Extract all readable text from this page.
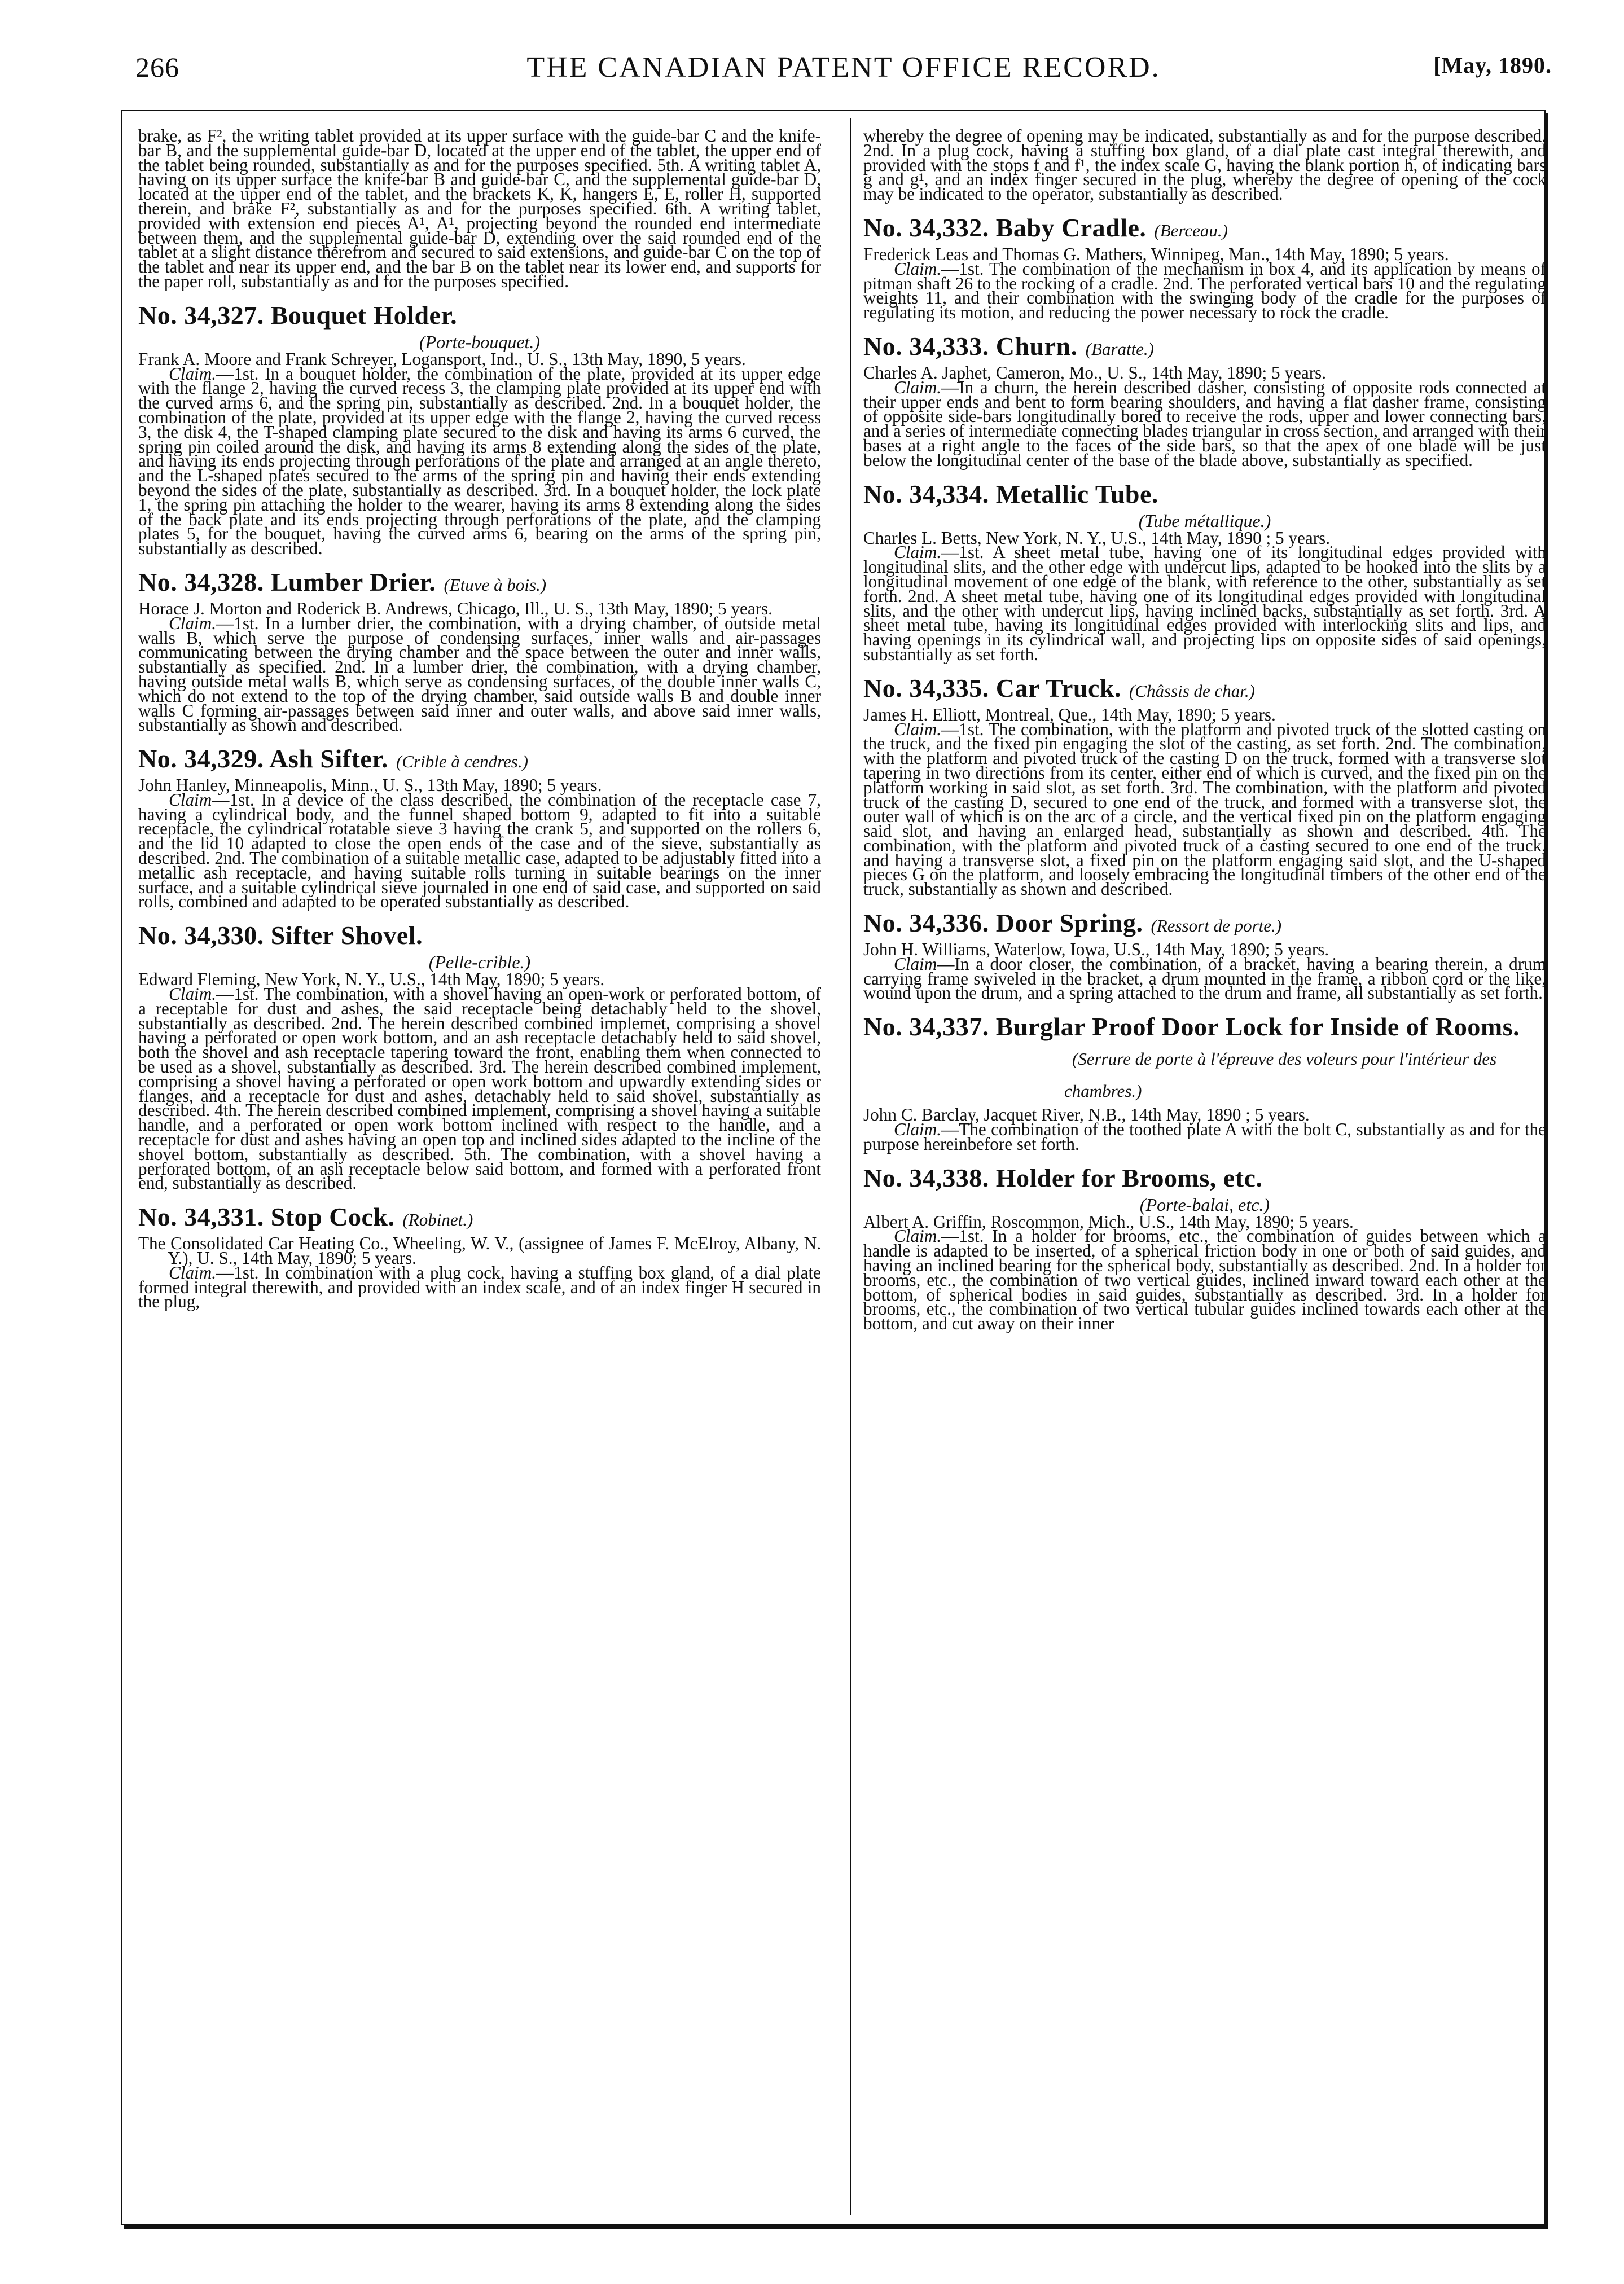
266	THE CANADIAN PATENT OFFICE RECORD.	[May, 1890.

brake, as F², the writing tablet provided at its upper surface with the guide-bar C and the knife-bar B, and the supplemental guide-bar D, located at the upper end of the tablet, the upper end of the tablet being rounded, substantially as and for the purposes specified. 5th. A writing tablet A, having on its upper surface the knife-bar B and guide-bar C, and the supplemental guide-bar D, located at the upper end of the tablet, and the brackets K, K, hangers E, E, roller H, supported therein, and brake F², substantially as and for the purposes specified. 6th. A writing tablet, provided with extension end pieces A¹, A¹, projecting beyond the rounded end intermediate between them, and the supplemental guide-bar D, extending over the said rounded end of the tablet at a slight distance therefrom and secured to said extensions, and guide-bar C on the top of the tablet and near its upper end, and the bar B on the tablet near its lower end, and supports for the paper roll, substantially as and for the purposes specified.

No. 34,327. Bouquet Holder.

(Porte-bouquet.)

Frank A. Moore and Frank Schreyer, Logansport, Ind., U. S., 13th May, 1890, 5 years.

Claim.—1st. In a bouquet holder, the combination of the plate, provided at its upper edge with the flange 2, having the curved recess 3, the clamping plate provided at its upper end with the curved arms 6, and the spring pin, substantially as described. 2nd. In a bouquet holder, the combination of the plate, provided at its upper edge with the flange 2, having the curved recess 3, the disk 4, the T-shaped clamping plate secured to the disk and having its arms 6 curved, the spring pin coiled around the disk, and having its arms 8 extending along the sides of the plate, and having its ends projecting through perforations of the plate and arranged at an angle thereto, and the L-shaped plates secured to the arms of the spring pin and having their ends extending beyond the sides of the plate, substantially as described. 3rd. In a bouquet holder, the lock plate 1, the spring pin attaching the holder to the wearer, having its arms 8 extending along the sides of the back plate and its ends projecting through perforations of the plate, and the clamping plates 5, for the bouquet, having the curved arms 6, bearing on the arms of the spring pin, substantially as described.

No. 34,328. Lumber Drier. (Etuve à bois.)

Horace J. Morton and Roderick B. Andrews, Chicago, Ill., U. S., 13th May, 1890; 5 years.

Claim.—1st. In a lumber drier, the combination, with a drying chamber, of outside metal walls B, which serve the purpose of condensing surfaces, inner walls and air-passages communicating between the drying chamber and the space between the outer and inner walls, substantially as specified. 2nd. In a lumber drier, the combination, with a drying chamber, having outside metal walls B, which serve as condensing surfaces, of the double inner walls C, which do not extend to the top of the drying chamber, said outside walls B and double inner walls C forming air-passages between said inner and outer walls, and above said inner walls, substantially as shown and described.

No. 34,329. Ash Sifter. (Crible à cendres.)

John Hanley, Minneapolis, Minn., U. S., 13th May, 1890; 5 years.

Claim—1st. In a device of the class described, the combination of the receptacle case 7, having a cylindrical body, and the funnel shaped bottom 9, adapted to fit into a suitable receptacle, the cylindrical rotatable sieve 3 having the crank 5, and supported on the rollers 6, and the lid 10 adapted to close the open ends of the case and of the sieve, substantially as described. 2nd. The combination of a suitable metallic case, adapted to be adjustably fitted into a metallic ash receptacle, and having suitable rolls turning in suitable bearings on the inner surface, and a suitable cylindrical sieve journaled in one end of said case, and supported on said rolls, combined and adapted to be operated substantially as described.

No. 34,330. Sifter Shovel.

(Pelle-crible.)

Edward Fleming, New York, N. Y., U.S., 14th May, 1890; 5 years.

Claim.—1st. The combination, with a shovel having an open-work or perforated bottom, of a receptable for dust and ashes, the said receptacle being detachably held to the shovel, substantially as described. 2nd. The herein described combined implemet, comprising a shovel having a perforated or open work bottom, and an ash receptacle detachably held to said shovel, both the shovel and ash receptacle tapering toward the front, enabling them when connected to be used as a shovel, substantially as described. 3rd. The herein described combined implement, comprising a shovel having a perforated or open work bottom and upwardly extending sides or flanges, and a receptacle for dust and ashes, detachably held to said shovel, substantially as described. 4th. The herein described combined implement, comprising a shovel having a suitable handle, and a perforated or open work bottom inclined with respect to the handle, and a receptacle for dust and ashes having an open top and inclined sides adapted to the incline of the shovel bottom, substantially as described. 5th. The combination, with a shovel having a perforated bottom, of an ash receptacle below said bottom, and formed with a perforated front end, substantially as described.

No. 34,331. Stop Cock. (Robinet.)

The Consolidated Car Heating Co., Wheeling, W. V., (assignee of James F. McElroy, Albany, N. Y.), U. S., 14th May, 1890; 5 years.

Claim.—1st. In combination with a plug cock, having a stuffing box gland, of a dial plate formed integral therewith, and provided with an index scale, and of an index finger H secured in the plug,

whereby the degree of opening may be indicated, substantially as and for the purpose described. 2nd. In a plug cock, having a stuffing box gland, of a dial plate cast integral therewith, and provided with the stops f and f¹, the index scale G, having the blank portion h, of indicating bars g and g¹, and an index finger secured in the plug, whereby the degree of opening of the cock may be indicated to the operator, substantially as described.

No. 34,332. Baby Cradle. (Berceau.)

Frederick Leas and Thomas G. Mathers, Winnipeg, Man., 14th May, 1890; 5 years.

Claim.—1st. The combination of the mechanism in box 4, and its application by means of pitman shaft 26 to the rocking of a cradle. 2nd. The perforated vertical bars 10 and the regulating weights 11, and their combination with the swinging body of the cradle for the purposes of regulating its motion, and reducing the power necessary to rock the cradle.

No. 34,333. Churn. (Baratte.)

Charles A. Japhet, Cameron, Mo., U. S., 14th May, 1890; 5 years.

Claim.—In a churn, the herein described dasher, consisting of opposite rods connected at their upper ends and bent to form bearing shoulders, and having a flat dasher frame, consisting of opposite side-bars longitudinally bored to receive the rods, upper and lower connecting bars, and a series of intermediate connecting blades triangular in cross section, and arranged with their bases at a right angle to the faces of the side bars, so that the apex of one blade will be just below the longitudinal center of the base of the blade above, substantially as specified.

No. 34,334. Metallic Tube.

(Tube métallique.)

Charles L. Betts, New York, N. Y., U.S., 14th May, 1890 ; 5 years.

Claim.—1st. A sheet metal tube, having one of its longitudinal edges provided with longitudinal slits, and the other edge with undercut lips, adapted to be hooked into the slits by a longitudinal movement of one edge of the blank, with reference to the other, substantially as set forth. 2nd. A sheet metal tube, having one of its longitudinal edges provided with longitudinal slits, and the other with undercut lips, having inclined backs, substantially as set forth. 3rd. A sheet metal tube, having its longitudinal edges provided with interlocking slits and lips, and having openings in its cylindrical wall, and projecting lips on opposite sides of said openings, substantially as set forth.

No. 34,335. Car Truck. (Châssis de char.)

James H. Elliott, Montreal, Que., 14th May, 1890; 5 years.

Claim.—1st. The combination, with the platform and pivoted truck of the slotted casting on the truck, and the fixed pin engaging the slot of the casting, as set forth. 2nd. The combination, with the platform and pivoted truck of the casting D on the truck, formed with a transverse slot tapering in two directions from its center, either end of which is curved, and the fixed pin on the platform working in said slot, as set forth. 3rd. The combination, with the platform and pivoted truck of the casting D, secured to one end of the truck, and formed with a transverse slot, the outer wall of which is on the arc of a circle, and the vertical fixed pin on the platform engaging said slot, and having an enlarged head, substantially as shown and described. 4th. The combination, with the platform and pivoted truck of a casting secured to one end of the truck, and having a transverse slot, a fixed pin on the platform engaging said slot, and the U-shaped pieces G on the platform, and loosely embracing the longitudinal timbers of the other end of the truck, substantially as shown and described.

No. 34,336. Door Spring. (Ressort de porte.)

John H. Williams, Waterlow, Iowa, U.S., 14th May, 1890; 5 years.

Claim—In a door closer, the combination, of a bracket, having a bearing therein, a drum carrying frame swiveled in the bracket, a drum mounted in the frame, a ribbon cord or the like, wound upon the drum, and a spring attached to the drum and frame, all substantially as set forth.

No. 34,337. Burglar Proof Door Lock for Inside of Rooms.(Serrure de porte à l'épreuve des voleurs pour l'intérieur des chambres.)

John C. Barclay, Jacquet River, N.B., 14th May, 1890 ; 5 years.

Claim.—The combination of the toothed plate A with the bolt C, substantially as and for the purpose hereinbefore set forth.

No. 34,338. Holder for Brooms, etc.

(Porte-balai, etc.)

Albert A. Griffin, Roscommon, Mich., U.S., 14th May, 1890; 5 years.

Claim.—1st. In a holder for brooms, etc., the combination of guides between which a handle is adapted to be inserted, of a spherical friction body in one or both of said guides, and having an inclined bearing for the spherical body, substantially as described. 2nd. In a holder for brooms, etc., the combination of two vertical guides, inclined inward toward each other at the bottom, of spherical bodies in said guides, substantially as described. 3rd. In a holder for brooms, etc., the combination of two vertical tubular guides inclined towards each other at the bottom, and cut away on their inner
